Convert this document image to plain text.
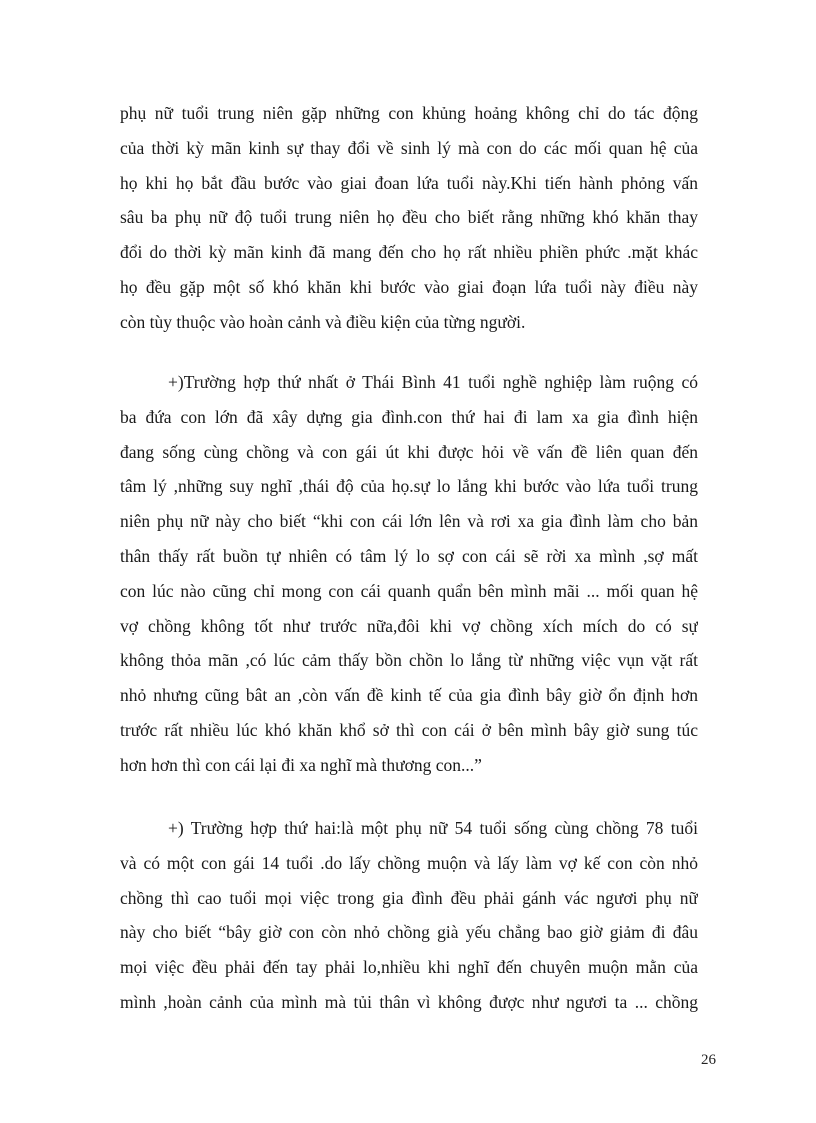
phụ nữ tuổi trung niên gặp những con khủng hoảng không chỉ do tác động
của thời kỳ mãn kinh sự thay đổi về sinh lý mà con do các mối quan hệ của
họ khi họ bắt đầu bước vào giai đoan lứa tuổi này.Khi tiến hành phỏng vấn
sâu ba phụ nữ độ tuổi trung niên họ đều cho biết rằng những khó khăn thay
đổi do thời kỳ mãn kinh đã mang đến cho họ rất nhiều phiền phức .mặt khác
họ đều gặp một số khó khăn khi bước vào giai đoạn lứa tuổi này điều này
còn tùy thuộc vào hoàn cảnh và điều kiện của từng người.
+)Trường hợp thứ nhất ở Thái Bình 41 tuổi nghề nghiệp làm ruộng có
ba đứa con lớn đã xây dựng gia đình.con thứ hai đi lam xa gia đình hiện
đang sống cùng chồng và con gái út khi được hỏi về vấn đề liên quan đến
tâm lý ,những suy nghĩ ,thái độ của họ.sự lo lắng khi bước vào lứa tuổi trung
niên phụ nữ này cho biết “khi con cái lớn lên và rơi xa gia đình làm cho bản
thân thấy rất buồn tự nhiên có tâm lý lo sợ con cái sẽ rời xa mình ,sợ mất
con lúc nào cũng chỉ mong con cái quanh quẩn bên mình mãi ... mối quan hệ
vợ chồng không tốt như trước nữa,đôi khi vợ chồng xích mích do có sự
không thỏa mãn ,có lúc cảm thấy bồn chồn lo lắng từ những việc vụn vặt rất
nhỏ nhưng cũng bât an ,còn vấn đề kinh tế của gia đình bây giờ ổn định hơn
trước rất nhiều lúc khó khăn khổ sở thì con cái ở bên mình bây giờ sung túc
hơn hơn thì con cái lại đi xa nghĩ mà thương con...”
+) Trường hợp thứ hai:là một phụ nữ 54 tuổi sống cùng chồng 78 tuổi
và có một con gái 14 tuổi .do lấy chồng muộn và lấy làm vợ kế con còn nhỏ
chồng thì cao tuổi mọi việc trong gia đình đều phải gánh vác ngươi phụ nữ
này cho biết “bây giờ con còn nhỏ chồng già yếu chẳng bao giờ giảm đi đâu
mọi việc đều phải đến tay phải lo,nhiều khi nghĩ đến chuyên muộn mằn của
mình ,hoàn cảnh của mình mà tủi thân vì không được như ngươi ta ... chồng
26
